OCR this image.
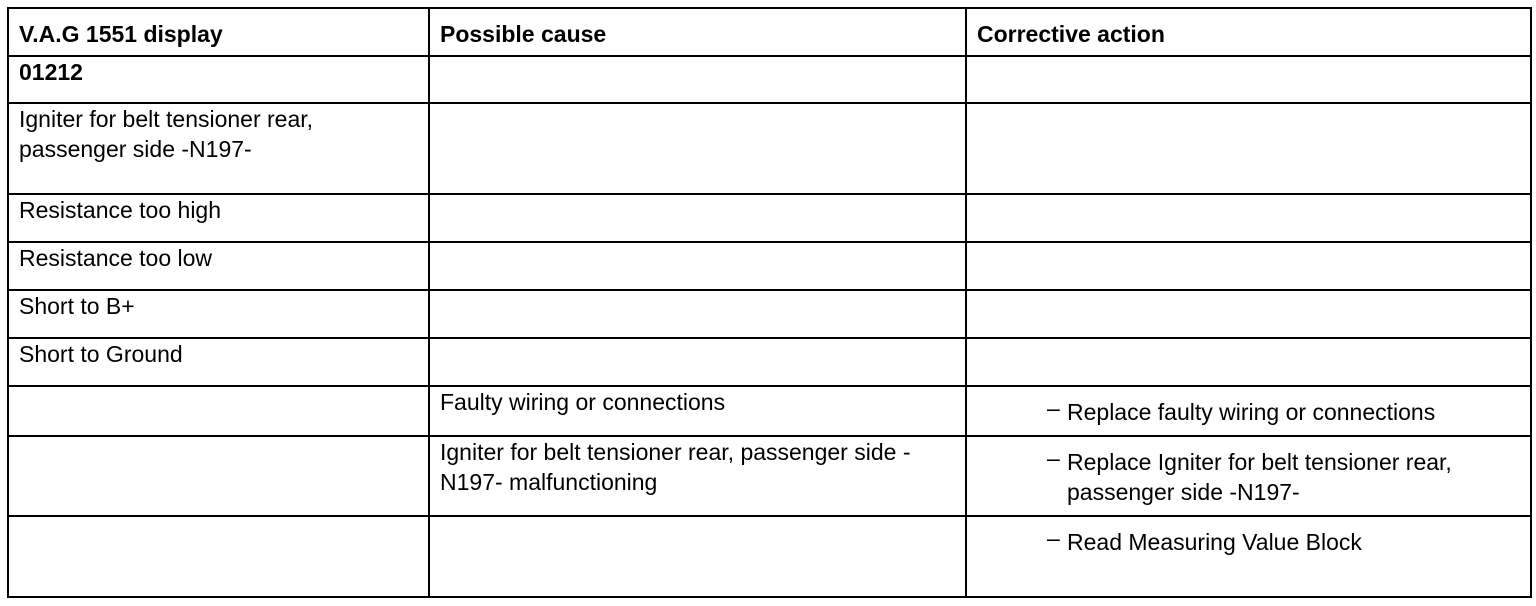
V.A.G 1551 display	Possible cause	Corrective action
01212		
Igniter for belt tensioner rear, passenger side -N197-		
Resistance too high		
Resistance too low		
Short to B+		
Short to Ground		
	Faulty wiring or connections	– Replace faulty wiring or connections

	Igniter for belt tensioner rear, passenger side -N197- malfunctioning	– Replace Igniter for belt tensioner rear, passenger side -N197-

		– Read Measuring Value Block
